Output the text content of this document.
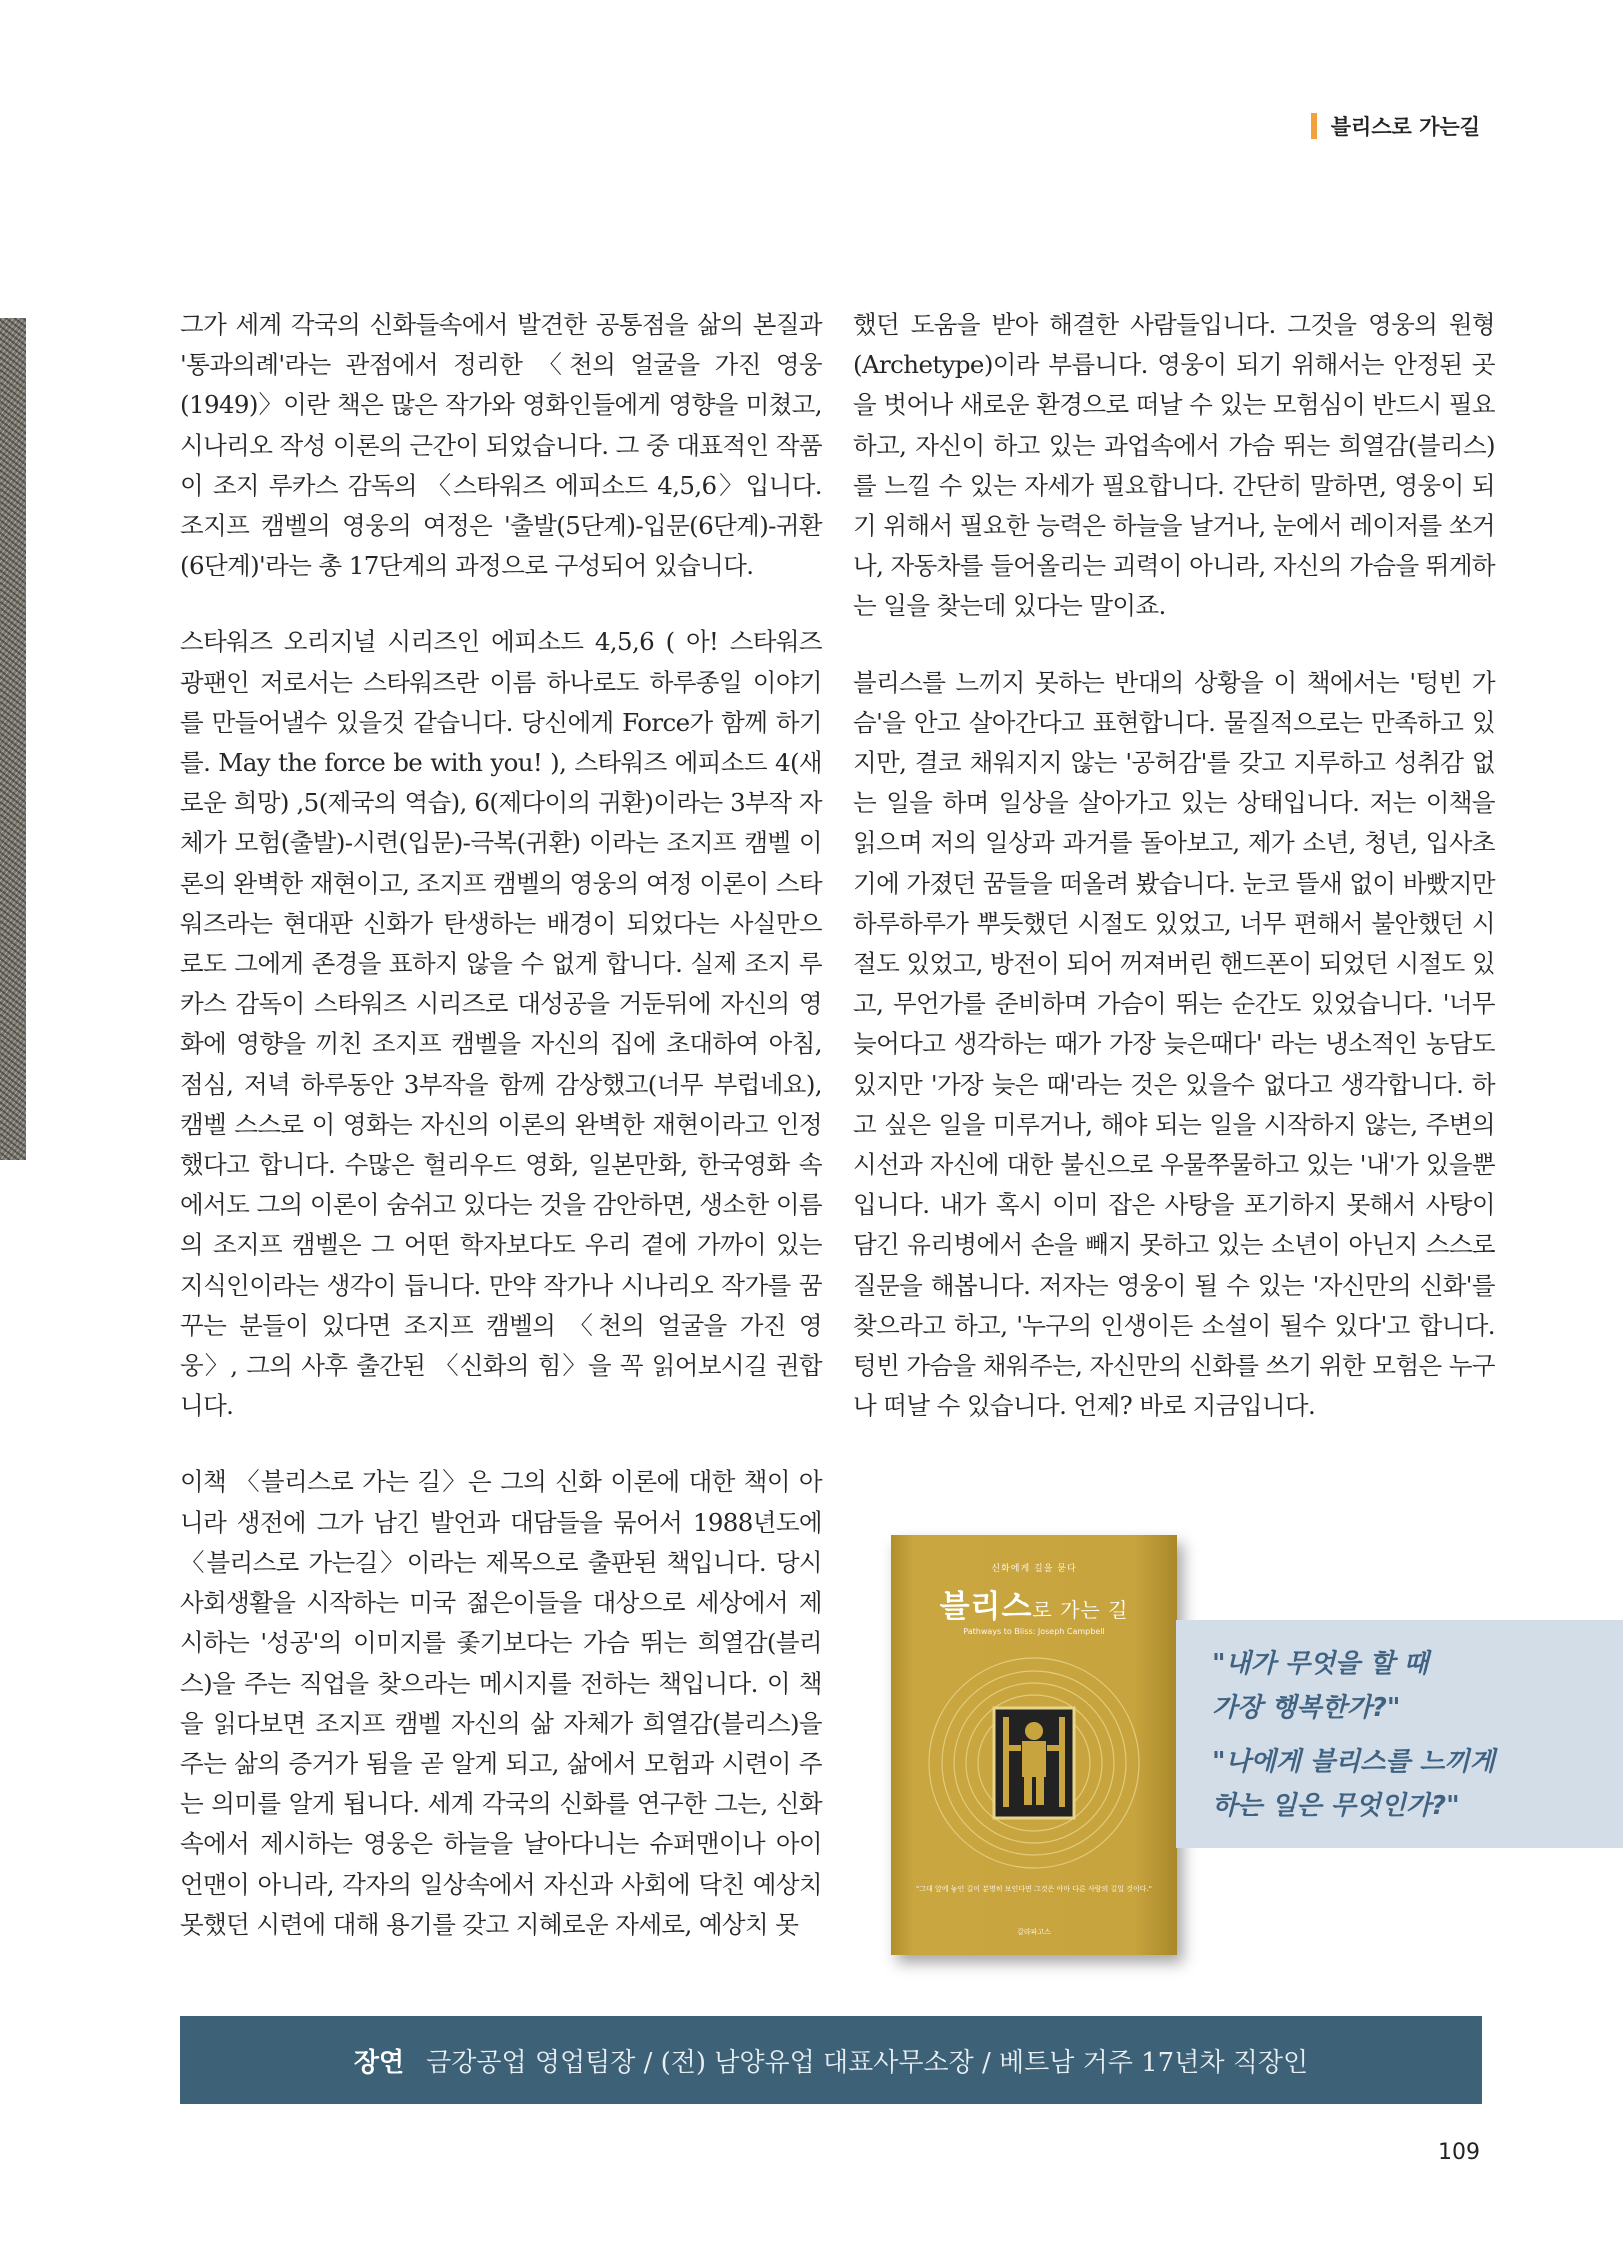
블리스로 가는길

그가 세계 각국의 신화들속에서 발견한 공통점을 삶의 본질과 '통과의례'라는 관점에서 정리한 〈천의 얼굴을 가진 영웅(1949)〉이란 책은 많은 작가와 영화인들에게 영향을 미쳤고, 시나리오 작성 이론의 근간이 되었습니다. 그 중 대표적인 작품이 조지 루카스 감독의 〈스타워즈 에피소드 4,5,6〉입니다. 조지프 캠벨의 영웅의 여정은 '출발(5단계)-입문(6단계)-귀환(6단계)'라는 총 17단계의 과정으로 구성되어 있습니다.

스타워즈 오리지널 시리즈인 에피소드 4,5,6 ( 아! 스타워즈 광팬인 저로서는 스타워즈란 이름 하나로도 하루종일 이야기를 만들어낼수 있을것 같습니다. 당신에게 Force가 함께 하기를. May the force be with you! ), 스타워즈 에피소드 4(새로운 희망) ,5(제국의 역습), 6(제다이의 귀환)이라는 3부작 자체가 모험(출발)-시련(입문)-극복(귀환) 이라는 조지프 캠벨 이론의 완벽한 재현이고, 조지프 캠벨의 영웅의 여정 이론이 스타워즈라는 현대판 신화가 탄생하는 배경이 되었다는 사실만으로도 그에게 존경을 표하지 않을 수 없게 합니다. 실제 조지 루카스 감독이 스타워즈 시리즈로 대성공을 거둔뒤에 자신의 영화에 영향을 끼친 조지프 캠벨을 자신의 집에 초대하여 아침, 점심, 저녁 하루동안 3부작을 함께 감상했고(너무 부럽네요), 캠벨 스스로 이 영화는 자신의 이론의 완벽한 재현이라고 인정했다고 합니다. 수많은 헐리우드 영화, 일본만화, 한국영화 속에서도 그의 이론이 숨쉬고 있다는 것을 감안하면, 생소한 이름의 조지프 캠벨은 그 어떤 학자보다도 우리 곁에 가까이 있는 지식인이라는 생각이 듭니다. 만약 작가나 시나리오 작가를 꿈꾸는 분들이 있다면 조지프 캠벨의 〈천의 얼굴을 가진 영웅〉, 그의 사후 출간된 〈신화의 힘〉을 꼭 읽어보시길 권합니다.

이책 〈블리스로 가는 길〉은 그의 신화 이론에 대한 책이 아니라 생전에 그가 남긴 발언과 대담들을 묶어서 1988년도에 〈블리스로 가는길〉이라는 제목으로 출판된 책입니다. 당시 사회생활을 시작하는 미국 젊은이들을 대상으로 세상에서 제시하는 '성공'의 이미지를 좇기보다는 가슴 뛰는 희열감(블리스)을 주는 직업을 찾으라는 메시지를 전하는 책입니다. 이 책을 읽다보면 조지프 캠벨 자신의 삶 자체가 희열감(블리스)을 주는 삶의 증거가 됨을 곧 알게 되고, 삶에서 모험과 시련이 주는 의미를 알게 됩니다. 세계 각국의 신화를 연구한 그는, 신화 속에서 제시하는 영웅은 하늘을 날아다니는 슈퍼맨이나 아이언맨이 아니라, 각자의 일상속에서 자신과 사회에 닥친 예상치 못했던 시련에 대해 용기를 갖고 지혜로운 자세로, 예상치 못

했던 도움을 받아 해결한 사람들입니다. 그것을 영웅의 원형(Archetype)이라 부릅니다. 영웅이 되기 위해서는 안정된 곳을 벗어나 새로운 환경으로 떠날 수 있는 모험심이 반드시 필요하고, 자신이 하고 있는 과업속에서 가슴 뛰는 희열감(블리스)를 느낄 수 있는 자세가 필요합니다. 간단히 말하면, 영웅이 되기 위해서 필요한 능력은 하늘을 날거나, 눈에서 레이저를 쏘거나, 자동차를 들어올리는 괴력이 아니라, 자신의 가슴을 뛰게하는 일을 찾는데 있다는 말이죠.

블리스를 느끼지 못하는 반대의 상황을 이 책에서는 '텅빈 가슴'을 안고 살아간다고 표현합니다. 물질적으로는 만족하고 있지만, 결코 채워지지 않는 '공허감'를 갖고 지루하고 성취감 없는 일을 하며 일상을 살아가고 있는 상태입니다. 저는 이책을 읽으며 저의 일상과 과거를 돌아보고, 제가 소년, 청년, 입사초기에 가졌던 꿈들을 떠올려 봤습니다. 눈코 뜰새 없이 바빴지만 하루하루가 뿌듯했던 시절도 있었고, 너무 편해서 불안했던 시절도 있었고, 방전이 되어 꺼져버린 핸드폰이 되었던 시절도 있고, 무언가를 준비하며 가슴이 뛰는 순간도 있었습니다. '너무 늦어다고 생각하는 때가 가장 늦은때다' 라는 냉소적인 농담도 있지만 '가장 늦은 때'라는 것은 있을수 없다고 생각합니다. 하고 싶은 일을 미루거나, 해야 되는 일을 시작하지 않는, 주변의 시선과 자신에 대한 불신으로 우물쭈물하고 있는 '내'가 있을뿐입니다. 내가 혹시 이미 잡은 사탕을 포기하지 못해서 사탕이 담긴 유리병에서 손을 빼지 못하고 있는 소년이 아닌지 스스로 질문을 해봅니다. 저자는 영웅이 될 수 있는 '자신만의 신화'를 찾으라고 하고, '누구의 인생이든 소설이 될수 있다'고 합니다. 텅빈 가슴을 채워주는, 자신만의 신화를 쓰기 위한 모험은 누구나 떠날 수 있습니다. 언제? 바로 지금입니다.

신화에게 길을 묻다
블리스로 가는 길
Pathways to Bliss: Joseph Campbell
"그대 앞에 놓인 길이 분명히 보인다면 그것은 아마 다른 사람의 길일 것이다."
갈라파고스
"내가 무엇을 할 때
가장 행복한가?"
"나에게 블리스를 느끼게
하는 일은 무엇인가?"
장연 금강공업 영업팀장 / (전) 남양유업 대표사무소장 / 베트남 거주 17년차 직장인
109
